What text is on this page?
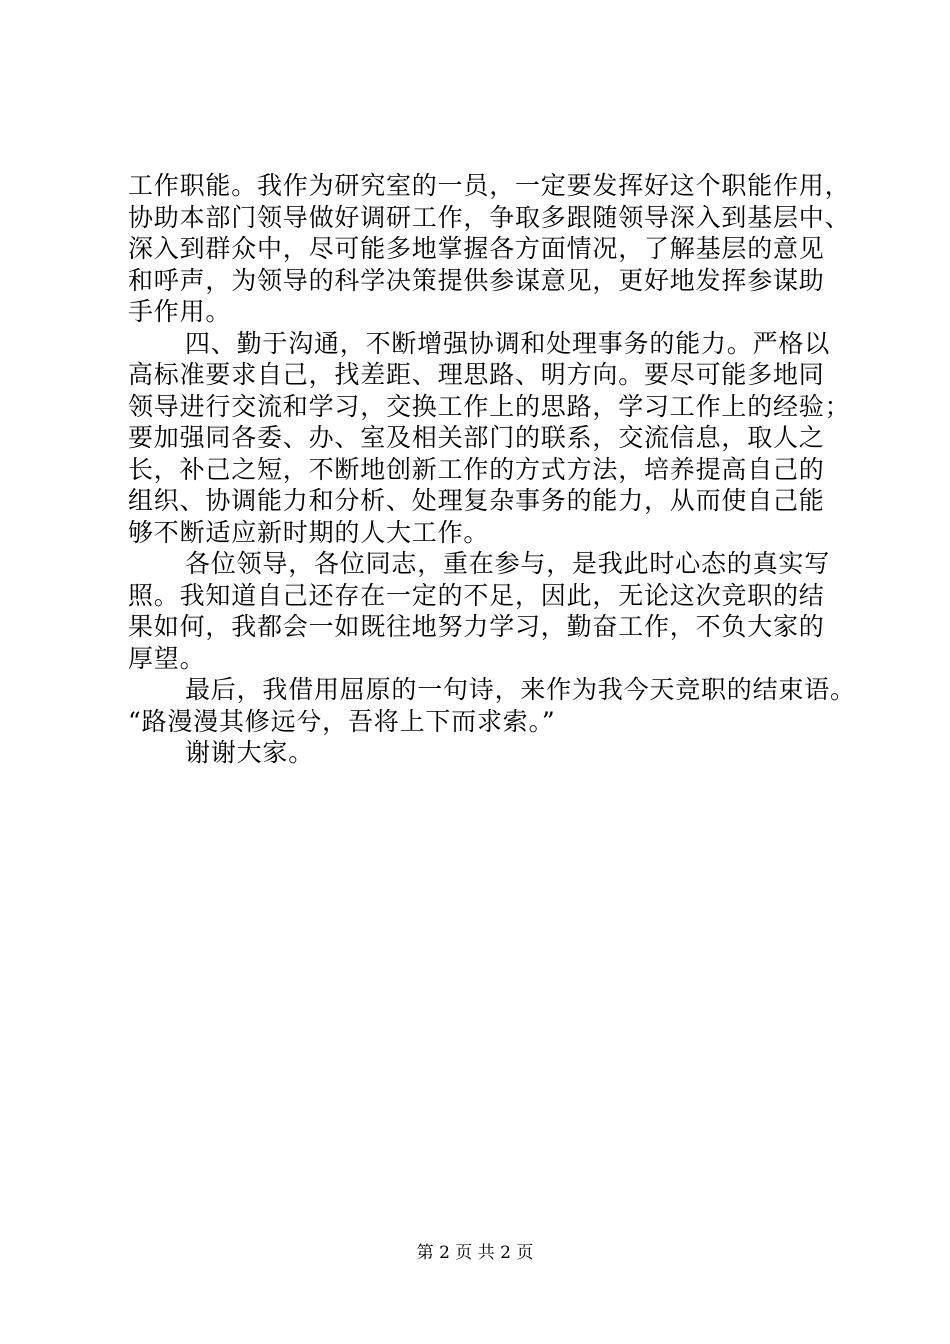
工作职能。我作为研究室的一员，一定要发挥好这个职能作用，
协助本部门领导做好调研工作，争取多跟随领导深入到基层中、
深入到群众中，尽可能多地掌握各方面情况，了解基层的意见
和呼声，为领导的科学决策提供参谋意见，更好地发挥参谋助
手作用。
四、勤于沟通，不断增强协调和处理事务的能力。严格以
高标准要求自己，找差距、理思路、明方向。要尽可能多地同
领导进行交流和学习，交换工作上的思路，学习工作上的经验；
要加强同各委、办、室及相关部门的联系，交流信息，取人之
长，补己之短，不断地创新工作的方式方法，培养提高自己的
组织、协调能力和分析、处理复杂事务的能力，从而使自己能
够不断适应新时期的人大工作。
各位领导，各位同志，重在参与，是我此时心态的真实写
照。我知道自己还存在一定的不足，因此，无论这次竞职的结
果如何，我都会一如既往地努力学习，勤奋工作，不负大家的
厚望。
最后，我借用屈原的一句诗，来作为我今天竞职的结束语。
“路漫漫其修远兮，吾将上下而求索。”
谢谢大家。
第 2 页 共 2 页
